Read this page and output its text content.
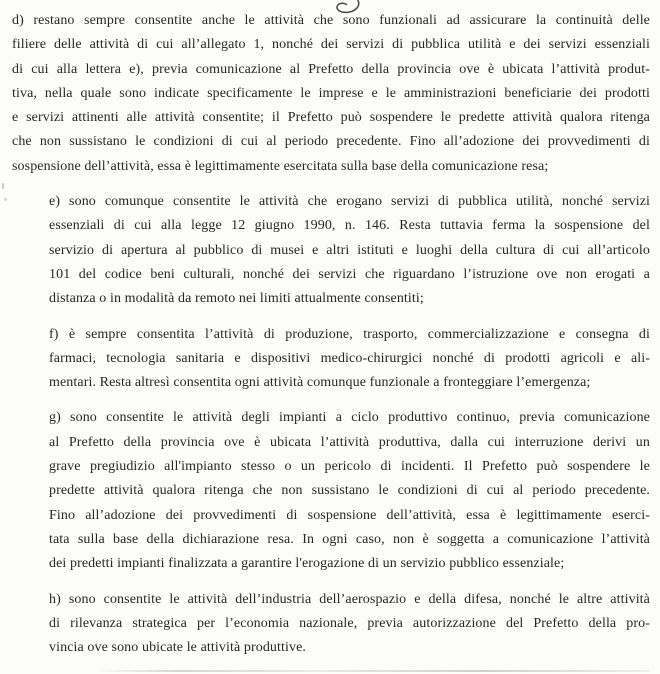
d) restano sempre consentite anche le attività che sono funzionali ad assicurare la continuità delle
filiere delle attività di cui all’allegato 1, nonché dei servizi di pubblica utilità e dei servizi essenziali
di cui alla lettera e), previa comunicazione al Prefetto della provincia ove è ubicata l’attività produt-
tiva, nella quale sono indicate specificamente le imprese e le amministrazioni beneficiarie dei prodotti
e servizi attinenti alle attività consentite; il Prefetto può sospendere le predette attività qualora ritenga
che non sussistano le condizioni di cui al periodo precedente. Fino all’adozione dei provvedimenti di
sospensione dell’attività, essa è legittimamente esercitata sulla base della comunicazione resa;
e) sono comunque consentite le attività che erogano servizi di pubblica utilità, nonché servizi
essenziali di cui alla legge 12 giugno 1990, n. 146. Resta tuttavia ferma la sospensione del
servizio di apertura al pubblico di musei e altri istituti e luoghi della cultura di cui all’articolo
101 del codice beni culturali, nonché dei servizi che riguardano l’istruzione ove non erogati a
distanza o in modalità da remoto nei limiti attualmente consentiti;
f) è sempre consentita l’attività di produzione, trasporto, commercializzazione e consegna di
farmaci, tecnologia sanitaria e dispositivi medico-chirurgici nonché di prodotti agricoli e ali-
mentari. Resta altresì consentita ogni attività comunque funzionale a fronteggiare l’emergenza;
g) sono consentite le attività degli impianti a ciclo produttivo continuo, previa comunicazione
al Prefetto della provincia ove è ubicata l’attività produttiva, dalla cui interruzione derivi un
grave pregiudizio all'impianto stesso o un pericolo di incidenti. Il Prefetto può sospendere le
predette attività qualora ritenga che non sussistano le condizioni di cui al periodo precedente.
Fino all’adozione dei provvedimenti di sospensione dell’attività, essa è legittimamente eserci-
tata sulla base della dichiarazione resa. In ogni caso, non è soggetta a comunicazione l’attività
dei predetti impianti finalizzata a garantire l'erogazione di un servizio pubblico essenziale;
h) sono consentite le attività dell’industria dell’aerospazio e della difesa, nonché le altre attività
di rilevanza strategica per l’economia nazionale, previa autorizzazione del Prefetto della pro-
vincia ove sono ubicate le attività produttive.
